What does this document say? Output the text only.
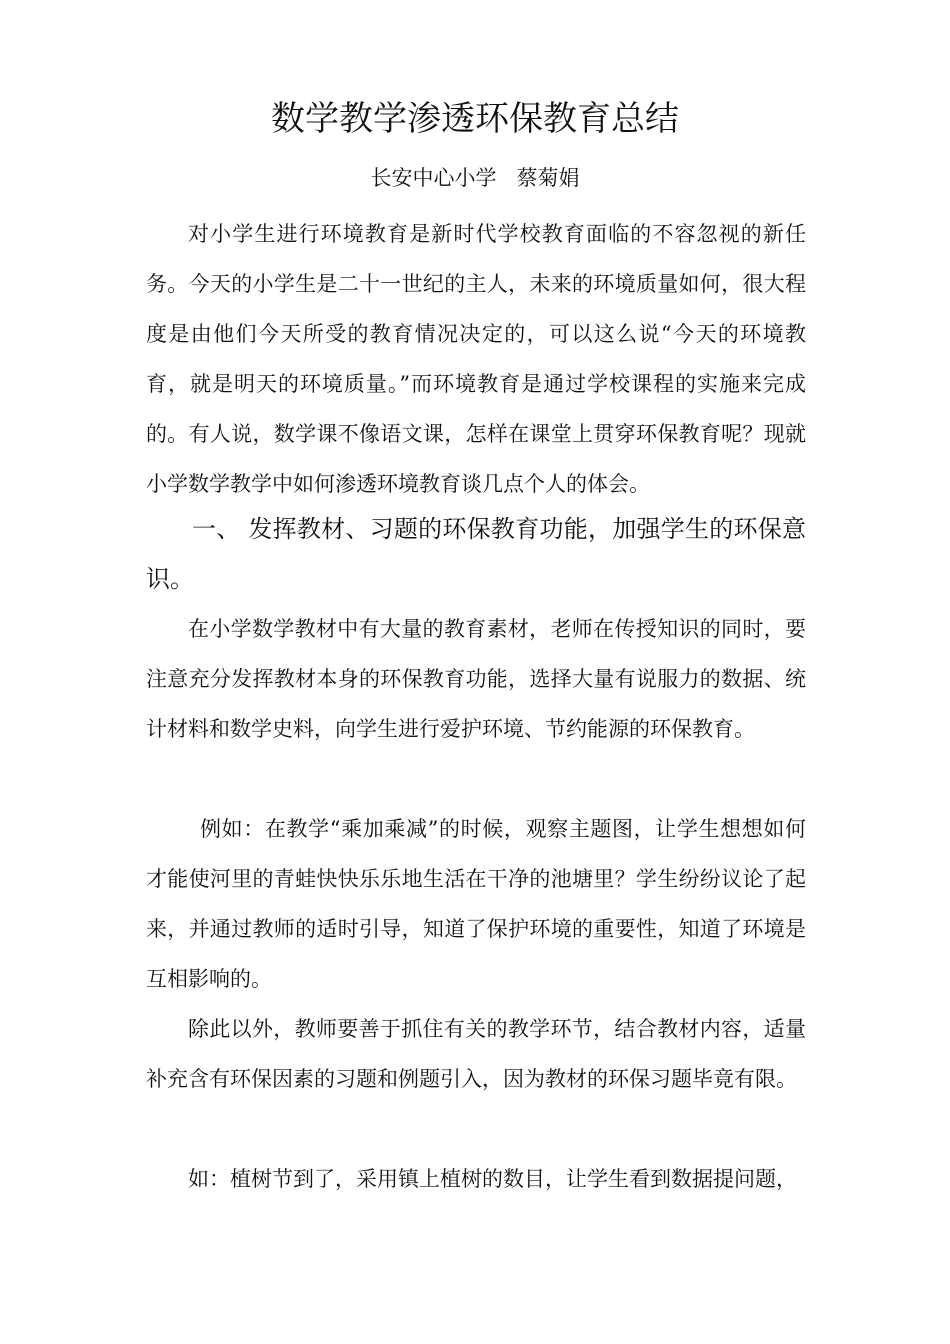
数学教学渗透环保教育总结

长安中心小学   蔡菊娟

对小学生进行环境教育是新时代学校教育面临的不容忽视的新任务。今天的小学生是二十一世纪的主人，未来的环境质量如何，很大程度是由他们今天所受的教育情况决定的，可以这么说“今天的环境教育，就是明天的环境质量。”而环境教育是通过学校课程的实施来完成的。有人说，数学课不像语文课，怎样在课堂上贯穿环保教育呢？现就小学数学教学中如何渗透环境教育谈几点个人的体会。

一、 发挥教材、习题的环保教育功能，加强学生的环保意识。

在小学数学教材中有大量的教育素材，老师在传授知识的同时，要注意充分发挥教材本身的环保教育功能，选择大量有说服力的数据、统计材料和数学史料，向学生进行爱护环境、节约能源的环保教育。

例如：在教学“乘加乘减”的时候，观察主题图，让学生想想如何才能使河里的青蛙快快乐乐地生活在干净的池塘里？学生纷纷议论了起来，并通过教师的适时引导，知道了保护环境的重要性，知道了环境是互相影响的。

除此以外，教师要善于抓住有关的教学环节，结合教材内容，适量补充含有环保因素的习题和例题引入，因为教材的环保习题毕竟有限。

如：植树节到了，采用镇上植树的数目，让学生看到数据提问题，
